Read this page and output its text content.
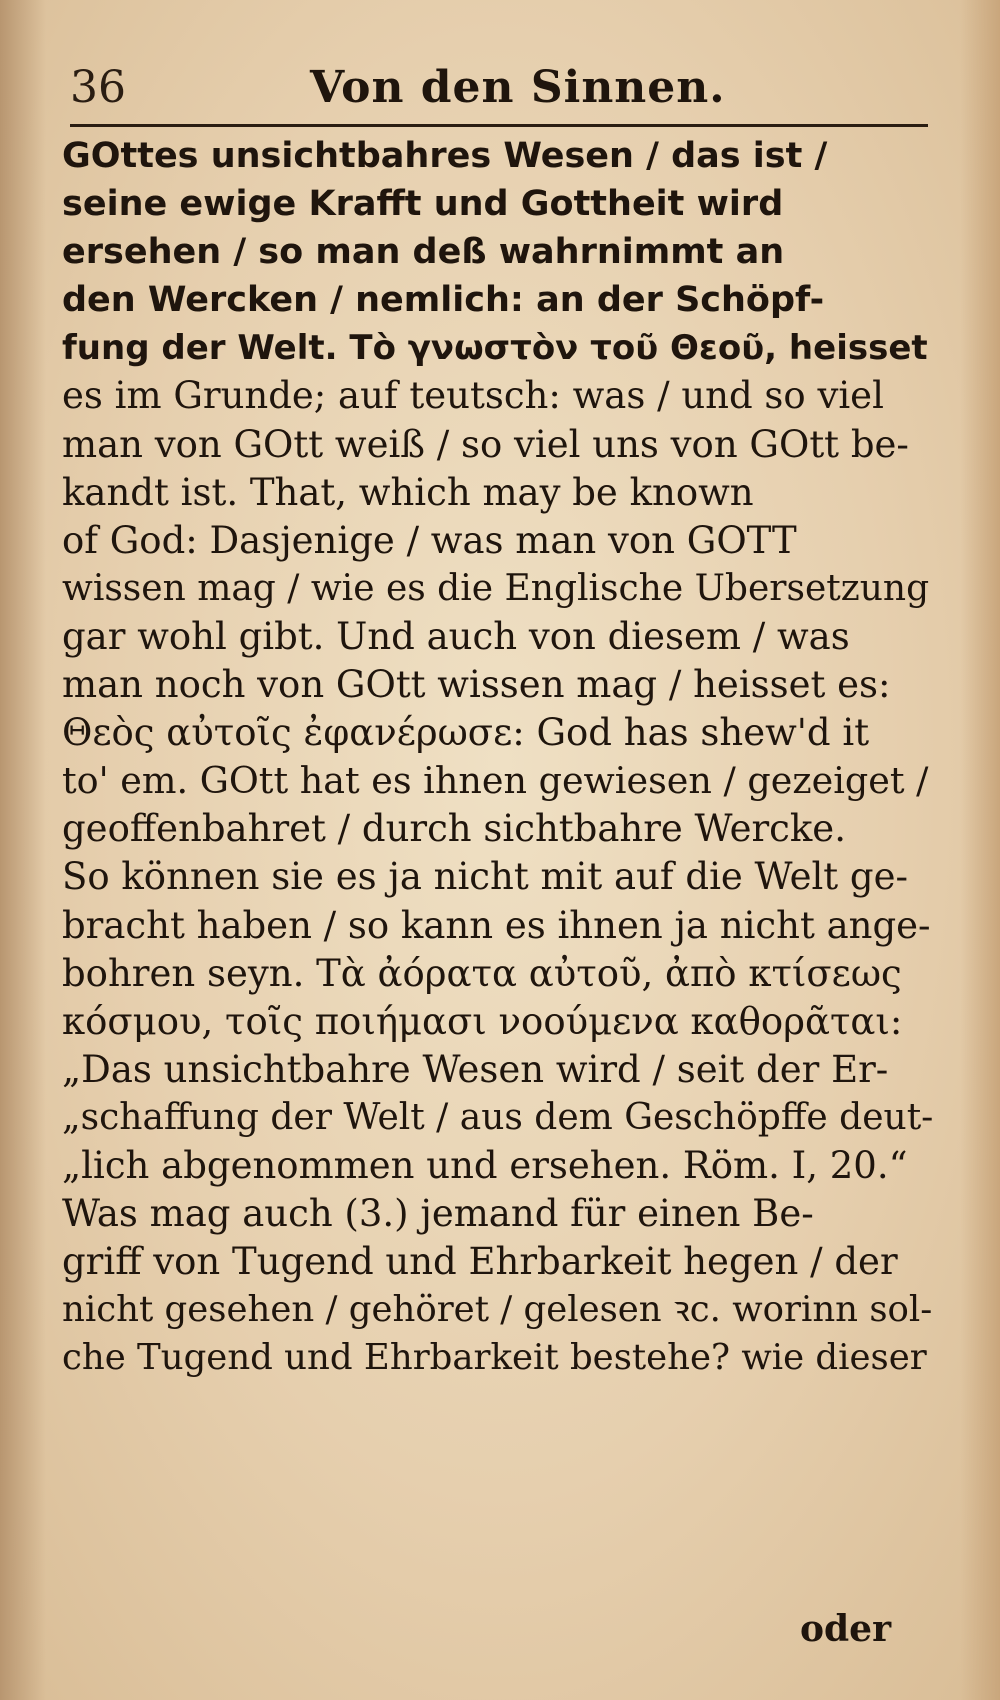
36	Von den Sinnen.
GOttes unsichtbahres Wesen / das ist /
seine ewige Krafft und Gottheit wird
ersehen / so man deß wahrnimmt an
den Wercken / nemlich: an der Schöpf-
fung der Welt. Τὸ γνωστὸν τοῦ Θεοῦ, heisset
es im Grunde; auf teutsch: was / und so viel
man von GOtt weiß / so viel uns von GOtt be-
kandt ist. That, which may be known
of God: Dasjenige / was man von GOTT
wissen mag / wie es die Englische Ubersetzung
gar wohl gibt. Und auch von diesem / was
man noch von GOtt wissen mag / heisset es:
Θεὸς αὐτοῖς ἐφανέρωσε: God has shew'd it
to' em. GOtt hat es ihnen gewiesen / gezeiget /
geoffenbahret / durch sichtbahre Wercke.
So können sie es ja nicht mit auf die Welt ge-
bracht haben / so kann es ihnen ja nicht ange-
bohren seyn. Τὰ ἀόρατα αὐτοῦ, ἀπὸ κτίσεως
κόσμου, τοῖς ποιήμασι νοούμενα καθορᾶται:
„Das unsichtbahre Wesen wird / seit der Er-
„schaffung der Welt / aus dem Geschöpffe deut-
„lich abgenommen und ersehen. Röm. I, 20.“
Was mag auch (3.) jemand für einen Be-
griff von Tugend und Ehrbarkeit hegen / der
nicht gesehen / gehöret / gelesen ꝛc. worinn sol-
che Tugend und Ehrbarkeit bestehe? wie dieser
oder
